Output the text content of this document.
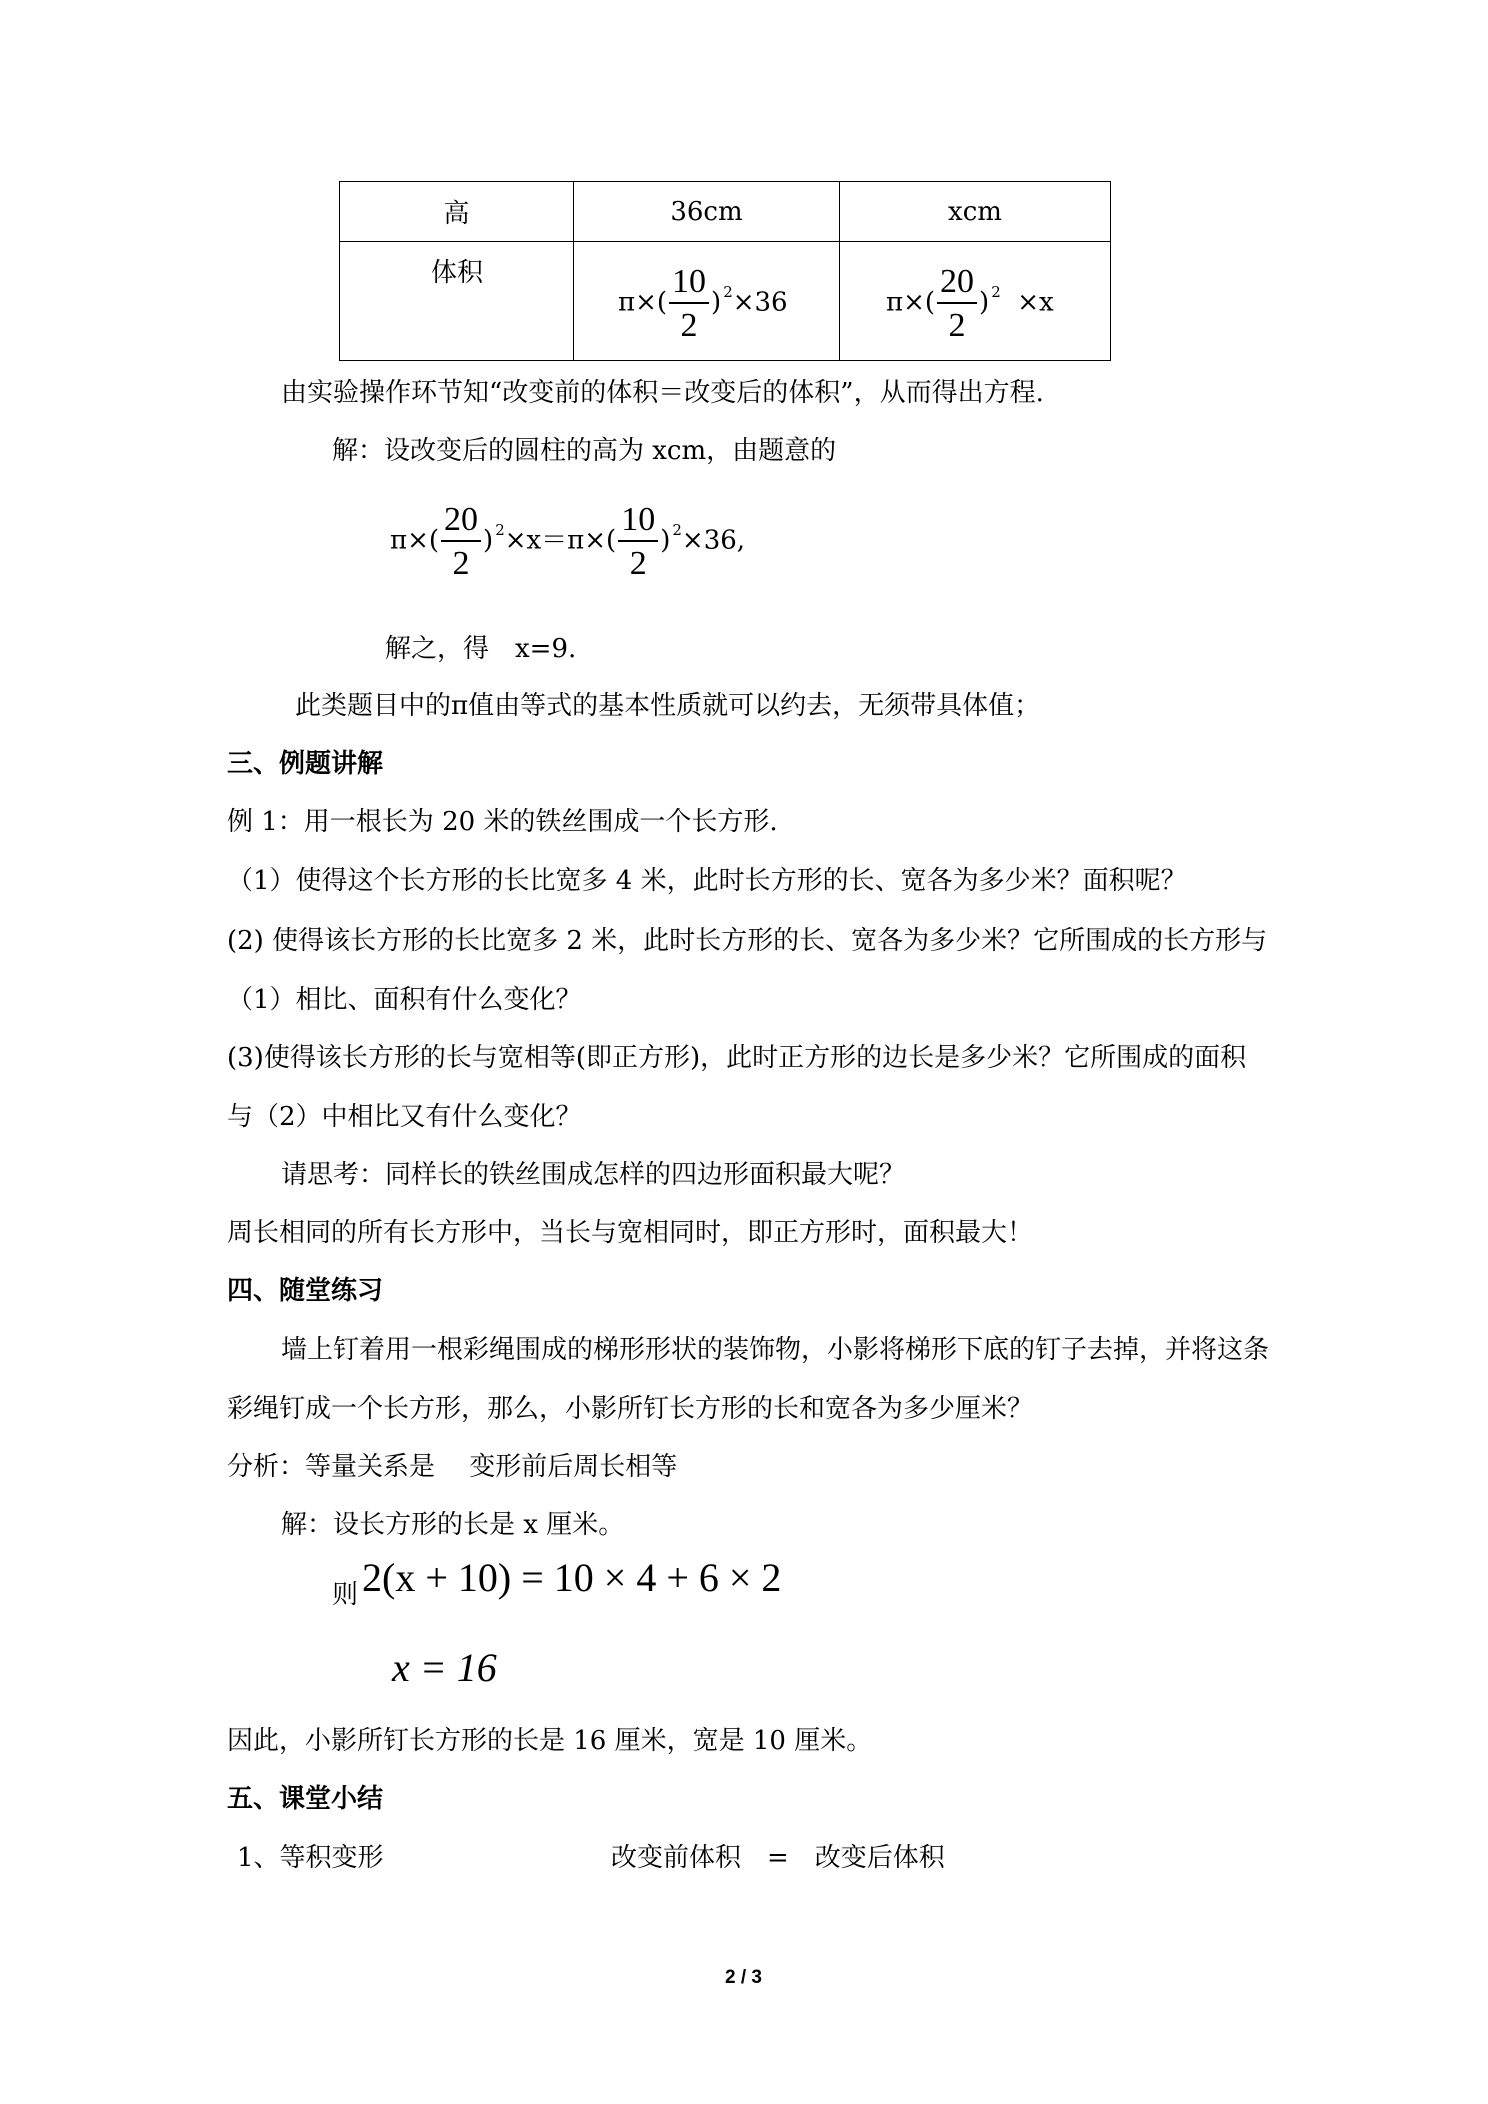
高	36cm	xcm

体积	$\pi\times( \frac{10}{2}$ ) $^2$×36	$\pi\times( \frac{20}{2}$ ) $^2$ ×x
由实验操作环节知“改变前的体积＝改变后的体积”，从而得出方程.
解：设改变后的圆柱的高为 xcm，由题意的
$\pi\times( \frac{20}{2}$ ) $^2\times x=\pi\times( \frac{10}{2}$ ) $^2$×36,
解之，得　x=9.
此类题目中的π值由等式的基本性质就可以约去，无须带具体值；
三、例题讲解
例 1：用一根长为 20 米的铁丝围成一个长方形.
（1）使得这个长方形的长比宽多 4 米，此时长方形的长、宽各为多少米？面积呢？
(2) 使得该长方形的长比宽多 2 米，此时长方形的长、宽各为多少米？它所围成的长方形与
（1）相比、面积有什么变化？
(3)使得该长方形的长与宽相等(即正方形)，此时正方形的边长是多少米？它所围成的面积
与（2）中相比又有什么变化？
请思考：同样长的铁丝围成怎样的四边形面积最大呢？
周长相同的所有长方形中，当长与宽相同时，即正方形时，面积最大！
四、随堂练习
墙上钉着用一根彩绳围成的梯形形状的装饰物，小影将梯形下底的钉子去掉，并将这条
彩绳钉成一个长方形，那么，小影所钉长方形的长和宽各为多少厘米？
分析：等量关系是　 变形前后周长相等
解：设长方形的长是 x 厘米。
则 2(x + 10) = 10 × 4 + 6 × 2
x = 16
因此，小影所钉长方形的长是 16 厘米，宽是 10 厘米。
五、课堂小结
1、等积变形	改变前体积　=　改变后体积
2 / 3
